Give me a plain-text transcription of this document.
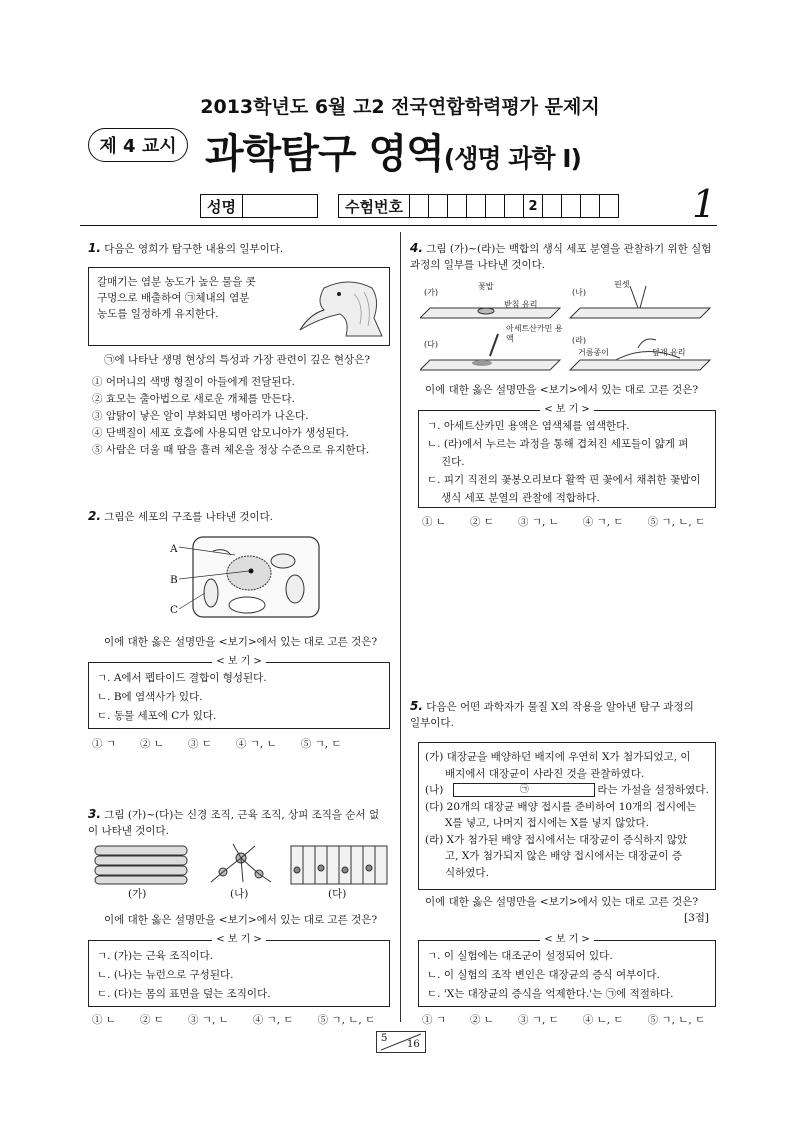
2013학년도 6월 고2 전국연합학력평가 문제지
제 4 교시 과학탐구 영역(생명 과학 Ⅰ)
성명	수험번호	2	1
1. 다음은 영희가 탐구한 내용의 일부이다.

갈매기는 염분 농도가 높은 물을 콧

구멍으로 배출하여 ㉠체내의 염분

농도를 일정하게 유지한다.

㉠에 나타난 생명 현상의 특성과 가장 관련이 깊은 현상은?

① 어머니의 색맹 형질이 아들에게 전달된다.

② 효모는 출아법으로 새로운 개체를 만든다.

③ 암탉이 낳은 알이 부화되면 병아리가 나온다.

④ 단백질이 세포 호흡에 사용되면 암모니아가 생성된다.

⑤ 사람은 더울 때 땀을 흘려 체온을 정상 수준으로 유지한다.

2. 그림은 세포의 구조를 나타낸 것이다.
A
B
C
이에 대한 옳은 설명만을 <보기>에서 있는 대로 고른 것은?
< 보 기 >

ㄱ. A에서 펩타이드 결합이 형성된다.

ㄴ. B에 염색사가 있다.

ㄷ. 동물 세포에 C가 있다.

① ㄱ ② ㄴ ③ ㄷ ④ ㄱ, ㄴ ⑤ ㄱ, ㄷ

3. 그림 (가)~(다)는 신경 조직, 근육 조직, 상피 조직을 순서 없

이 나타낸 것이다.

(가)	(나)	(다)
이에 대한 옳은 설명만을 <보기>에서 있는 대로 고른 것은?
< 보 기 >

ㄱ. (가)는 근육 조직이다.

ㄴ. (나)는 뉴런으로 구성된다.

ㄷ. (다)는 몸의 표면을 덮는 조직이다.

① ㄴ ② ㄷ ③ ㄱ, ㄴ ④ ㄱ, ㄷ ⑤ ㄱ, ㄴ, ㄷ

4. 그림 (가)~(라)는 백합의 생식 세포 분열을 관찰하기 위한 실험

과정의 일부를 나타낸 것이다.

(가)	(나)
(다)	(라)
꽃밥
받침 유리
핀셋
아세트산카민 용액
거름종이	덮개 유리
이에 대한 옳은 설명만을 <보기>에서 있는 대로 고른 것은?
< 보 기 >

ㄱ. 아세트산카민 용액은 염색체를 염색한다.

ㄴ. (라)에서 누르는 과정을 통해 겹쳐진 세포들이 얇게 펴

진다.

ㄷ. 피기 직전의 꽃봉오리보다 활짝 핀 꽃에서 채취한 꽃밥이

생식 세포 분열의 관찰에 적합하다.

① ㄴ ② ㄷ ③ ㄱ, ㄴ ④ ㄱ, ㄷ ⑤ ㄱ, ㄴ, ㄷ

5. 다음은 어떤 과학자가 물질 X의 작용을 알아낸 탐구 과정의

일부이다.

(가) 대장균을 배양하던 배지에 우연히 X가 첨가되었고, 이

배지에서 대장균이 사라진 것을 관찰하였다.

(나)	㉠	라는 가설을 설정하였다.

(다) 20개의 대장균 배양 접시를 준비하여 10개의 접시에는

X를 넣고, 나머지 접시에는 X를 넣지 않았다.

(라) X가 첨가된 배양 접시에서는 대장균이 증식하지 않았

고, X가 첨가되지 않은 배양 접시에서는 대장균이 증

식하였다.

이에 대한 옳은 설명만을 <보기>에서 있는 대로 고른 것은?
[3점]
< 보 기 >

ㄱ. 이 실험에는 대조군이 설정되어 있다.

ㄴ. 이 실험의 조작 변인은 대장균의 증식 여부이다.

ㄷ. 'X는 대장균의 증식을 억제한다.'는 ㉠에 적절하다.

① ㄱ ② ㄴ ③ ㄱ, ㄷ ④ ㄴ, ㄷ ⑤ ㄱ, ㄴ, ㄷ
5
16
